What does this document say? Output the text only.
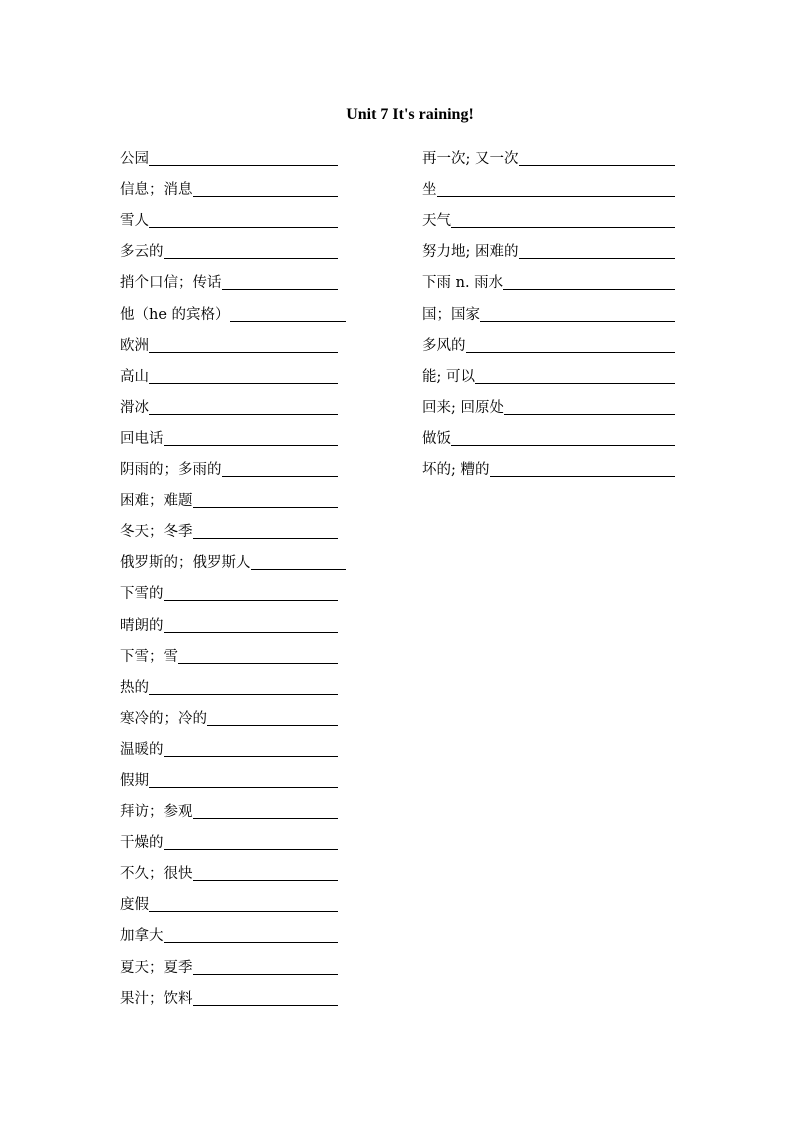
Unit 7 It's raining!
公园
信息；消息
雪人
多云的
捎个口信；传话
他（he 的宾格）
欧洲
高山
滑冰
回电话
阴雨的；多雨的
困难；难题
冬天；冬季
俄罗斯的；俄罗斯人
下雪的
晴朗的
下雪；雪
热的
寒冷的；冷的
温暖的
假期
拜访；参观
干燥的
不久；很快
度假
加拿大
夏天；夏季
果汁；饮料
再一次; 又一次
坐
天气
努力地; 困难的
下雨 n. 雨水
国；国家
多风的
能; 可以
回来; 回原处
做饭
坏的; 糟的
